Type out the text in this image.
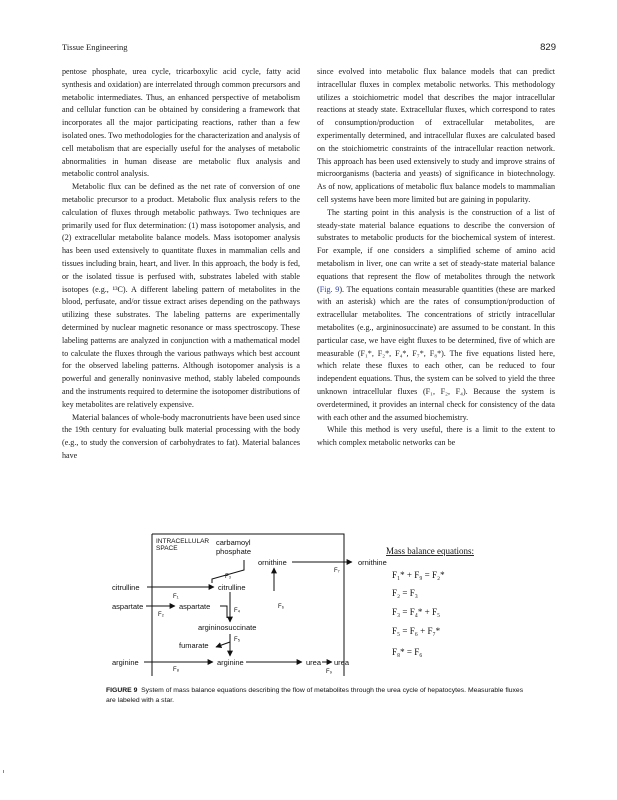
Tissue Engineering	829

pentose phosphate, urea cycle, tricarboxylic acid cycle, fatty acid synthesis and oxidation) are interrelated through common precursors and metabolic intermediates. Thus, an enhanced perspective of metabolism and cellular function can be obtained by considering a framework that incorporates all the major participating reactions, rather than a few isolated ones. Two methodologies for the characterization and analysis of cell metabolism that are especially useful for the analyses of metabolic abnormalities in human disease are metabolic flux analysis and metabolic control analysis.

Metabolic flux can be defined as the net rate of conversion of one metabolic precursor to a product. Metabolic flux analysis refers to the calculation of fluxes through metabolic pathways. Two techniques are primarily used for flux determination: (1) mass isotopomer analysis, and (2) extracellular metabolite balance models. Mass isotopomer analysis has been used extensively to quantitate fluxes in mammalian cells and tissues including brain, heart, and liver. In this approach, the body is fed, or the isolated tissue is perfused with, substrates labeled with stable isotopes (e.g., ¹³C). A different labeling pattern of metabolites in the blood, perfusate, and/or tissue extract arises depending on the pathways utilizing these substrates. The labeling patterns are experimentally determined by nuclear magnetic resonance or mass spectroscopy. These labeling patterns are analyzed in conjunction with a mathematical model to calculate the fluxes through the various pathways which best account for the observed labeling patterns. Although isotopomer analysis is a powerful and generally noninvasive method, stably labeled compounds and the instruments required to determine the isotopomer distributions of key metabolites are relatively expensive.

Material balances of whole-body macronutrients have been used since the 19th century for evaluating bulk material processing with the body (e.g., to study the conversion of carbohydrates to fat). Material balances have

since evolved into metabolic flux balance models that can predict intracellular fluxes in complex metabolic networks. This methodology utilizes a stoichiometric model that describes the major intracellular reactions at steady state. Extracellular fluxes, which correspond to rates of consumption/production of extracellular metabolites, are experimentally determined, and intracellular fluxes are calculated based on the stoichiometric constraints of the intracellular reaction network. This approach has been used extensively to study and improve strains of microorganisms (bacteria and yeasts) of significance in biotechnology. As of now, applications of metabolic flux balance models to mammalian cell systems have been more limited but are gaining in popularity.

The starting point in this analysis is the construction of a list of steady-state material balance equations to describe the conversion of substrates to metabolic products for the biochemical system of interest. For example, if one considers a simplified scheme of amino acid metabolism in liver, one can write a set of steady-state material balance equations that represent the flow of metabolites through the network (Fig. 9). The equations contain measurable quantities (these are marked with an asterisk) which are the rates of consumption/production of extracellular metabolites. The concentrations of strictly intracellular metabolites (e.g., argininosuccinate) are assumed to be constant. In this particular case, we have eight fluxes to be determined, five of which are measurable (F₁*, F₂*, F₄*, F₇*, F₈*). The five equations listed here, which relate these fluxes to each other, can be reduced to four independent equations. Thus, the system can be solved to yield the three unknown intracellular fluxes (F₁, F₂, F₄). Because the system is overdetermined, it provides an internal check for consistency of the data with each other and the assumed biochemistry.

While this method is very useful, there is a limit to the extent to which complex metabolic networks can be

INTRACELLULAR
SPACE
carbamoyl
phosphate
ornithine	ornithine
citrulline	citrulline
aspartate	aspartate
argininosuccinate
fumarate
arginine	arginine	urea urea
F₁
F₂
F₃
F₄
F₅
F₆
F₇
F₈	F₉
Mass balance equations:
F₁* + F₉ = F₂*
F₂ = F₃
F₃ = F₄* + F₅
F₅ = F₆ + F₇*
F₈* = F₆
FIGURE 9 System of mass balance equations describing the flow of metabolites through the urea cycle of hepatocytes. Measurable fluxes are labeled with a star.
